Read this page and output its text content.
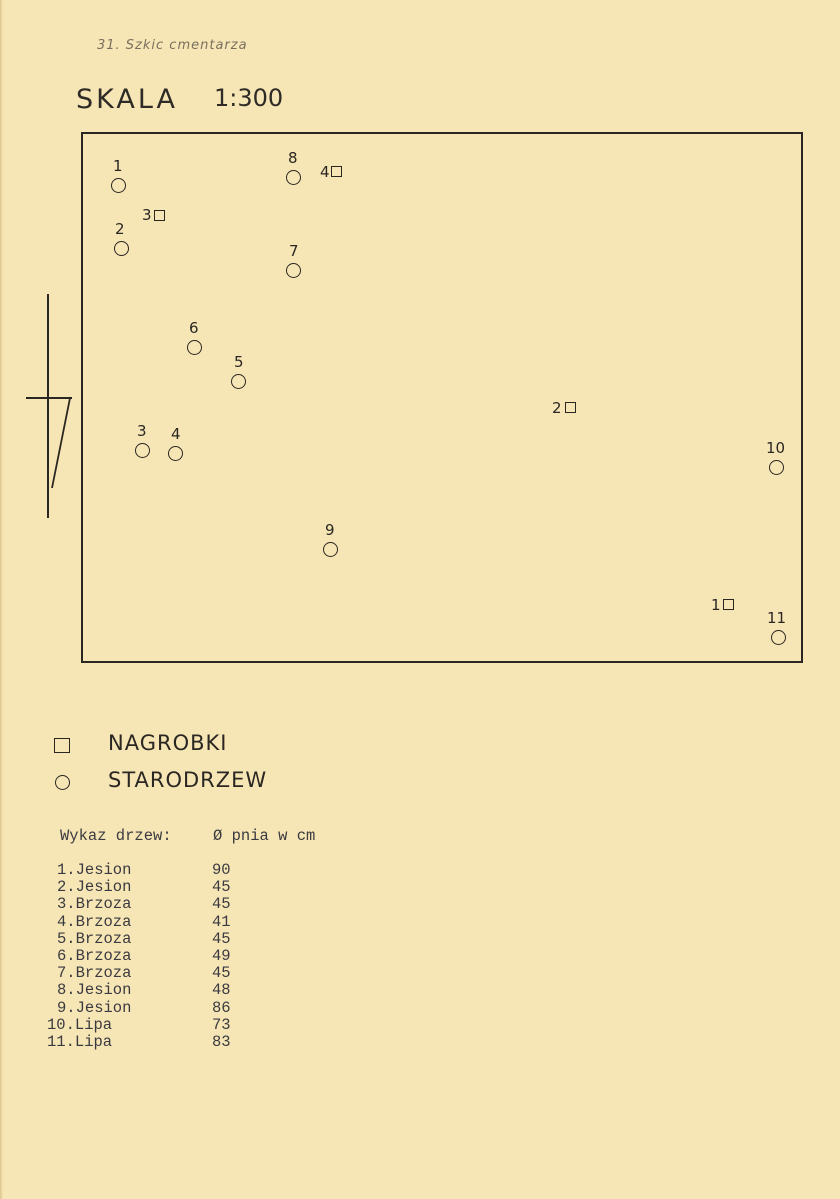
31. Szkic cmentarza
SKALA 1:300
1
2
3 4
5
6
7
8
9
10
11
1
2
3
4
NAGROBKI
STARODRZEW
Wykaz drzew:	Ø pnia w cm
1.Jesion	90
2.Jesion	45
3.Brzoza	45
4.Brzoza	41
5.Brzoza	45
6.Brzoza	49
7.Brzoza	45
8.Jesion	48
9.Jesion	86
10.Lipa	73
11.Lipa	83
